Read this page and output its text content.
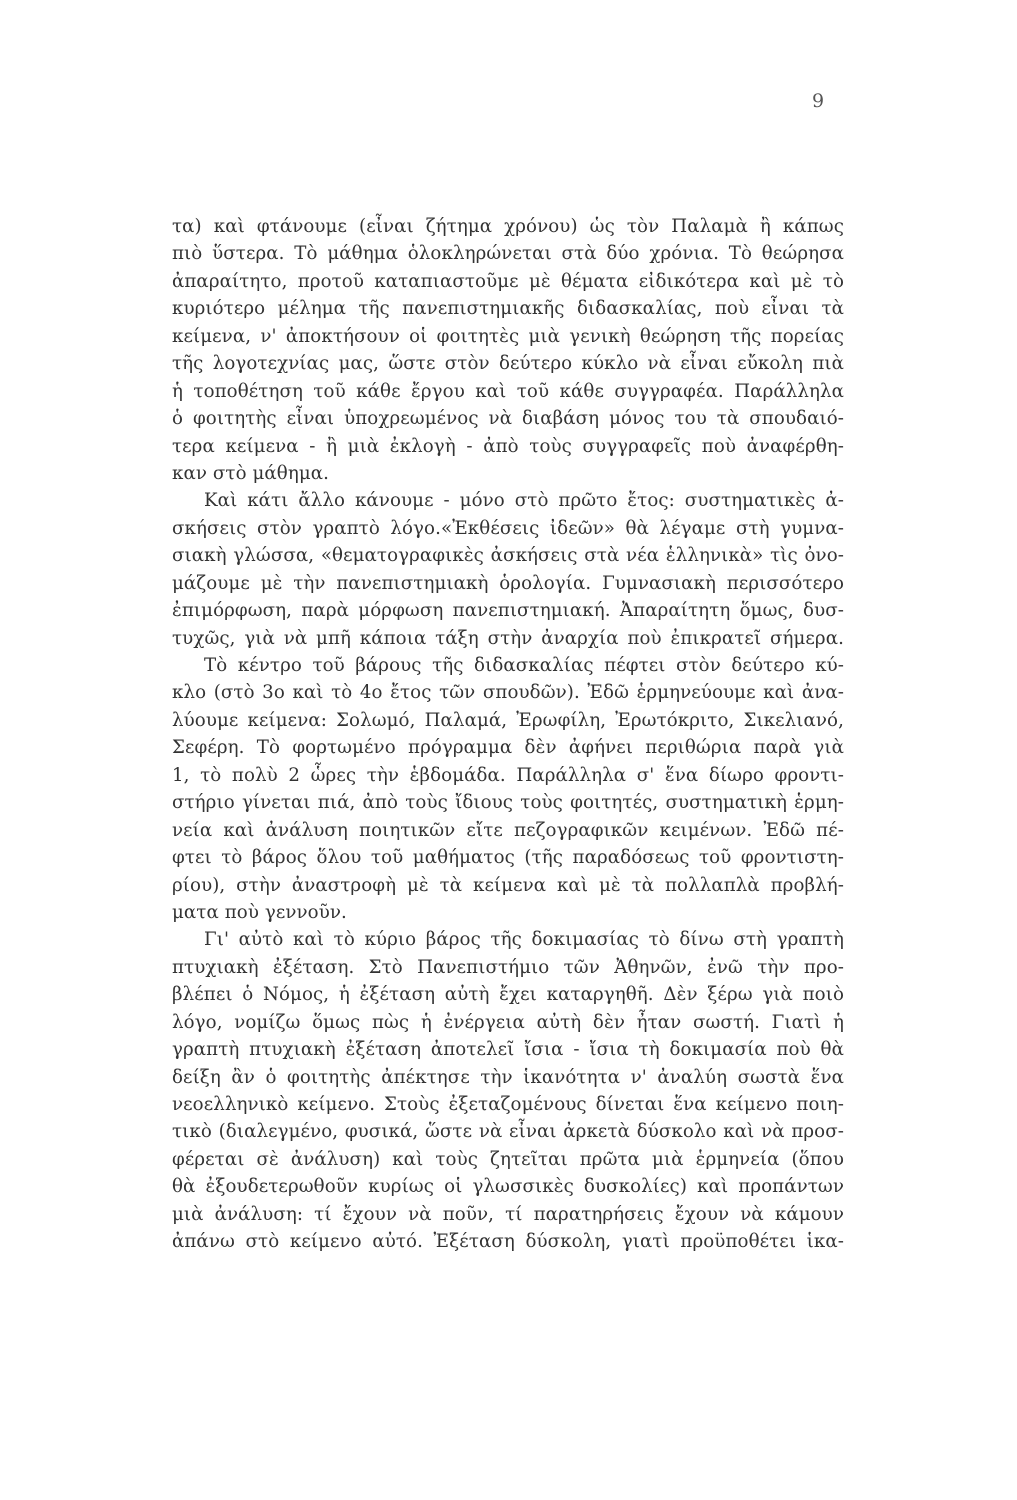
9
τα) καὶ φτάνουμε (εἶναι ζήτημα χρόνου) ὡς τὸν Παλαμὰ ἢ κάπως
πιὸ ὕστερα. Τὸ μάθημα ὁλοκληρώνεται στὰ δύο χρόνια. Τὸ θεώρησα
ἀπαραίτητο, προτοῦ καταπιαστοῦμε μὲ θέματα εἰδικότερα καὶ μὲ τὸ
κυριότερο μέλημα τῆς πανεπιστημιακῆς διδασκαλίας, ποὺ εἶναι τὰ
κείμενα, ν' ἀποκτήσουν οἱ φοιτητὲς μιὰ γενικὴ θεώρηση τῆς πορείας
τῆς λογοτεχνίας μας, ὥστε στὸν δεύτερο κύκλο νὰ εἶναι εὔκολη πιὰ
ἡ τοποθέτηση τοῦ κάθε ἔργου καὶ τοῦ κάθε συγγραφέα. Παράλληλα
ὁ φοιτητὴς εἶναι ὑποχρεωμένος νὰ διαβάση μόνος του τὰ σπουδαιό-
τερα κείμενα - ἢ μιὰ ἐκλογὴ - ἀπὸ τοὺς συγγραφεῖς ποὺ ἀναφέρθη-
καν στὸ μάθημα.
Καὶ κάτι ἄλλο κάνουμε - μόνο στὸ πρῶτο ἔτος: συστηματικὲς ἀ-
σκήσεις στὸν γραπτὸ λόγο.«Ἐκθέσεις ἰδεῶν» θὰ λέγαμε στὴ γυμνα-
σιακὴ γλώσσα, «θεματογραφικὲς ἀσκήσεις στὰ νέα ἑλληνικὰ» τὶς ὀνο-
μάζουμε μὲ τὴν πανεπιστημιακὴ ὁρολογία. Γυμνασιακὴ περισσότερο
ἐπιμόρφωση, παρὰ μόρφωση πανεπιστημιακή. Ἀπαραίτητη ὅμως, δυσ-
τυχῶς, γιὰ νὰ μπῆ κάποια τάξη στὴν ἀναρχία ποὺ ἐπικρατεῖ σήμερα.
Τὸ κέντρο τοῦ βάρους τῆς διδασκαλίας πέφτει στὸν δεύτερο κύ-
κλο (στὸ 3ο καὶ τὸ 4ο ἔτος τῶν σπουδῶν). Ἐδῶ ἑρμηνεύουμε καὶ ἀνα-
λύουμε κείμενα: Σολωμό, Παλαμά, Ἐρωφίλη, Ἐρωτόκριτο, Σικελιανό,
Σεφέρη. Τὸ φορτωμένο πρόγραμμα δὲν ἀφήνει περιθώρια παρὰ γιὰ
1, τὸ πολὺ 2 ὧρες τὴν ἑβδομάδα. Παράλληλα σ' ἕνα δίωρο φροντι-
στήριο γίνεται πιά, ἀπὸ τοὺς ἴδιους τοὺς φοιτητές, συστηματικὴ ἑρμη-
νεία καὶ ἀνάλυση ποιητικῶν εἴτε πεζογραφικῶν κειμένων. Ἐδῶ πέ-
φτει τὸ βάρος ὅλου τοῦ μαθήματος (τῆς παραδόσεως τοῦ φροντιστη-
ρίου), στὴν ἀναστροφὴ μὲ τὰ κείμενα καὶ μὲ τὰ πολλαπλὰ προβλή-
ματα ποὺ γεννοῦν.
Γι' αὐτὸ καὶ τὸ κύριο βάρος τῆς δοκιμασίας τὸ δίνω στὴ γραπτὴ
πτυχιακὴ ἐξέταση. Στὸ Πανεπιστήμιο τῶν Ἀθηνῶν, ἐνῶ τὴν προ-
βλέπει ὁ Νόμος, ἡ ἐξέταση αὐτὴ ἔχει καταργηθῆ. Δὲν ξέρω γιὰ ποιὸ
λόγο, νομίζω ὅμως πὼς ἡ ἐνέργεια αὐτὴ δὲν ἦταν σωστή. Γιατὶ ἡ
γραπτὴ πτυχιακὴ ἐξέταση ἀποτελεῖ ἴσια - ἴσια τὴ δοκιμασία ποὺ θὰ
δείξη ἂν ὁ φοιτητὴς ἀπέκτησε τὴν ἱκανότητα ν' ἀναλύη σωστὰ ἕνα
νεοελληνικὸ κείμενο. Στοὺς ἐξεταζομένους δίνεται ἕνα κείμενο ποιη-
τικὸ (διαλεγμένο, φυσικά, ὥστε νὰ εἶναι ἀρκετὰ δύσκολο καὶ νὰ προσ-
φέρεται σὲ ἀνάλυση) καὶ τοὺς ζητεῖται πρῶτα μιὰ ἑρμηνεία (ὅπου
θὰ ἐξουδετερωθοῦν κυρίως οἱ γλωσσικὲς δυσκολίες) καὶ προπάντων
μιὰ ἀνάλυση: τί ἔχουν νὰ ποῦν, τί παρατηρήσεις ἔχουν νὰ κάμουν
ἀπάνω στὸ κείμενο αὐτό. Ἐξέταση δύσκολη, γιατὶ προϋποθέτει ἱκα-
